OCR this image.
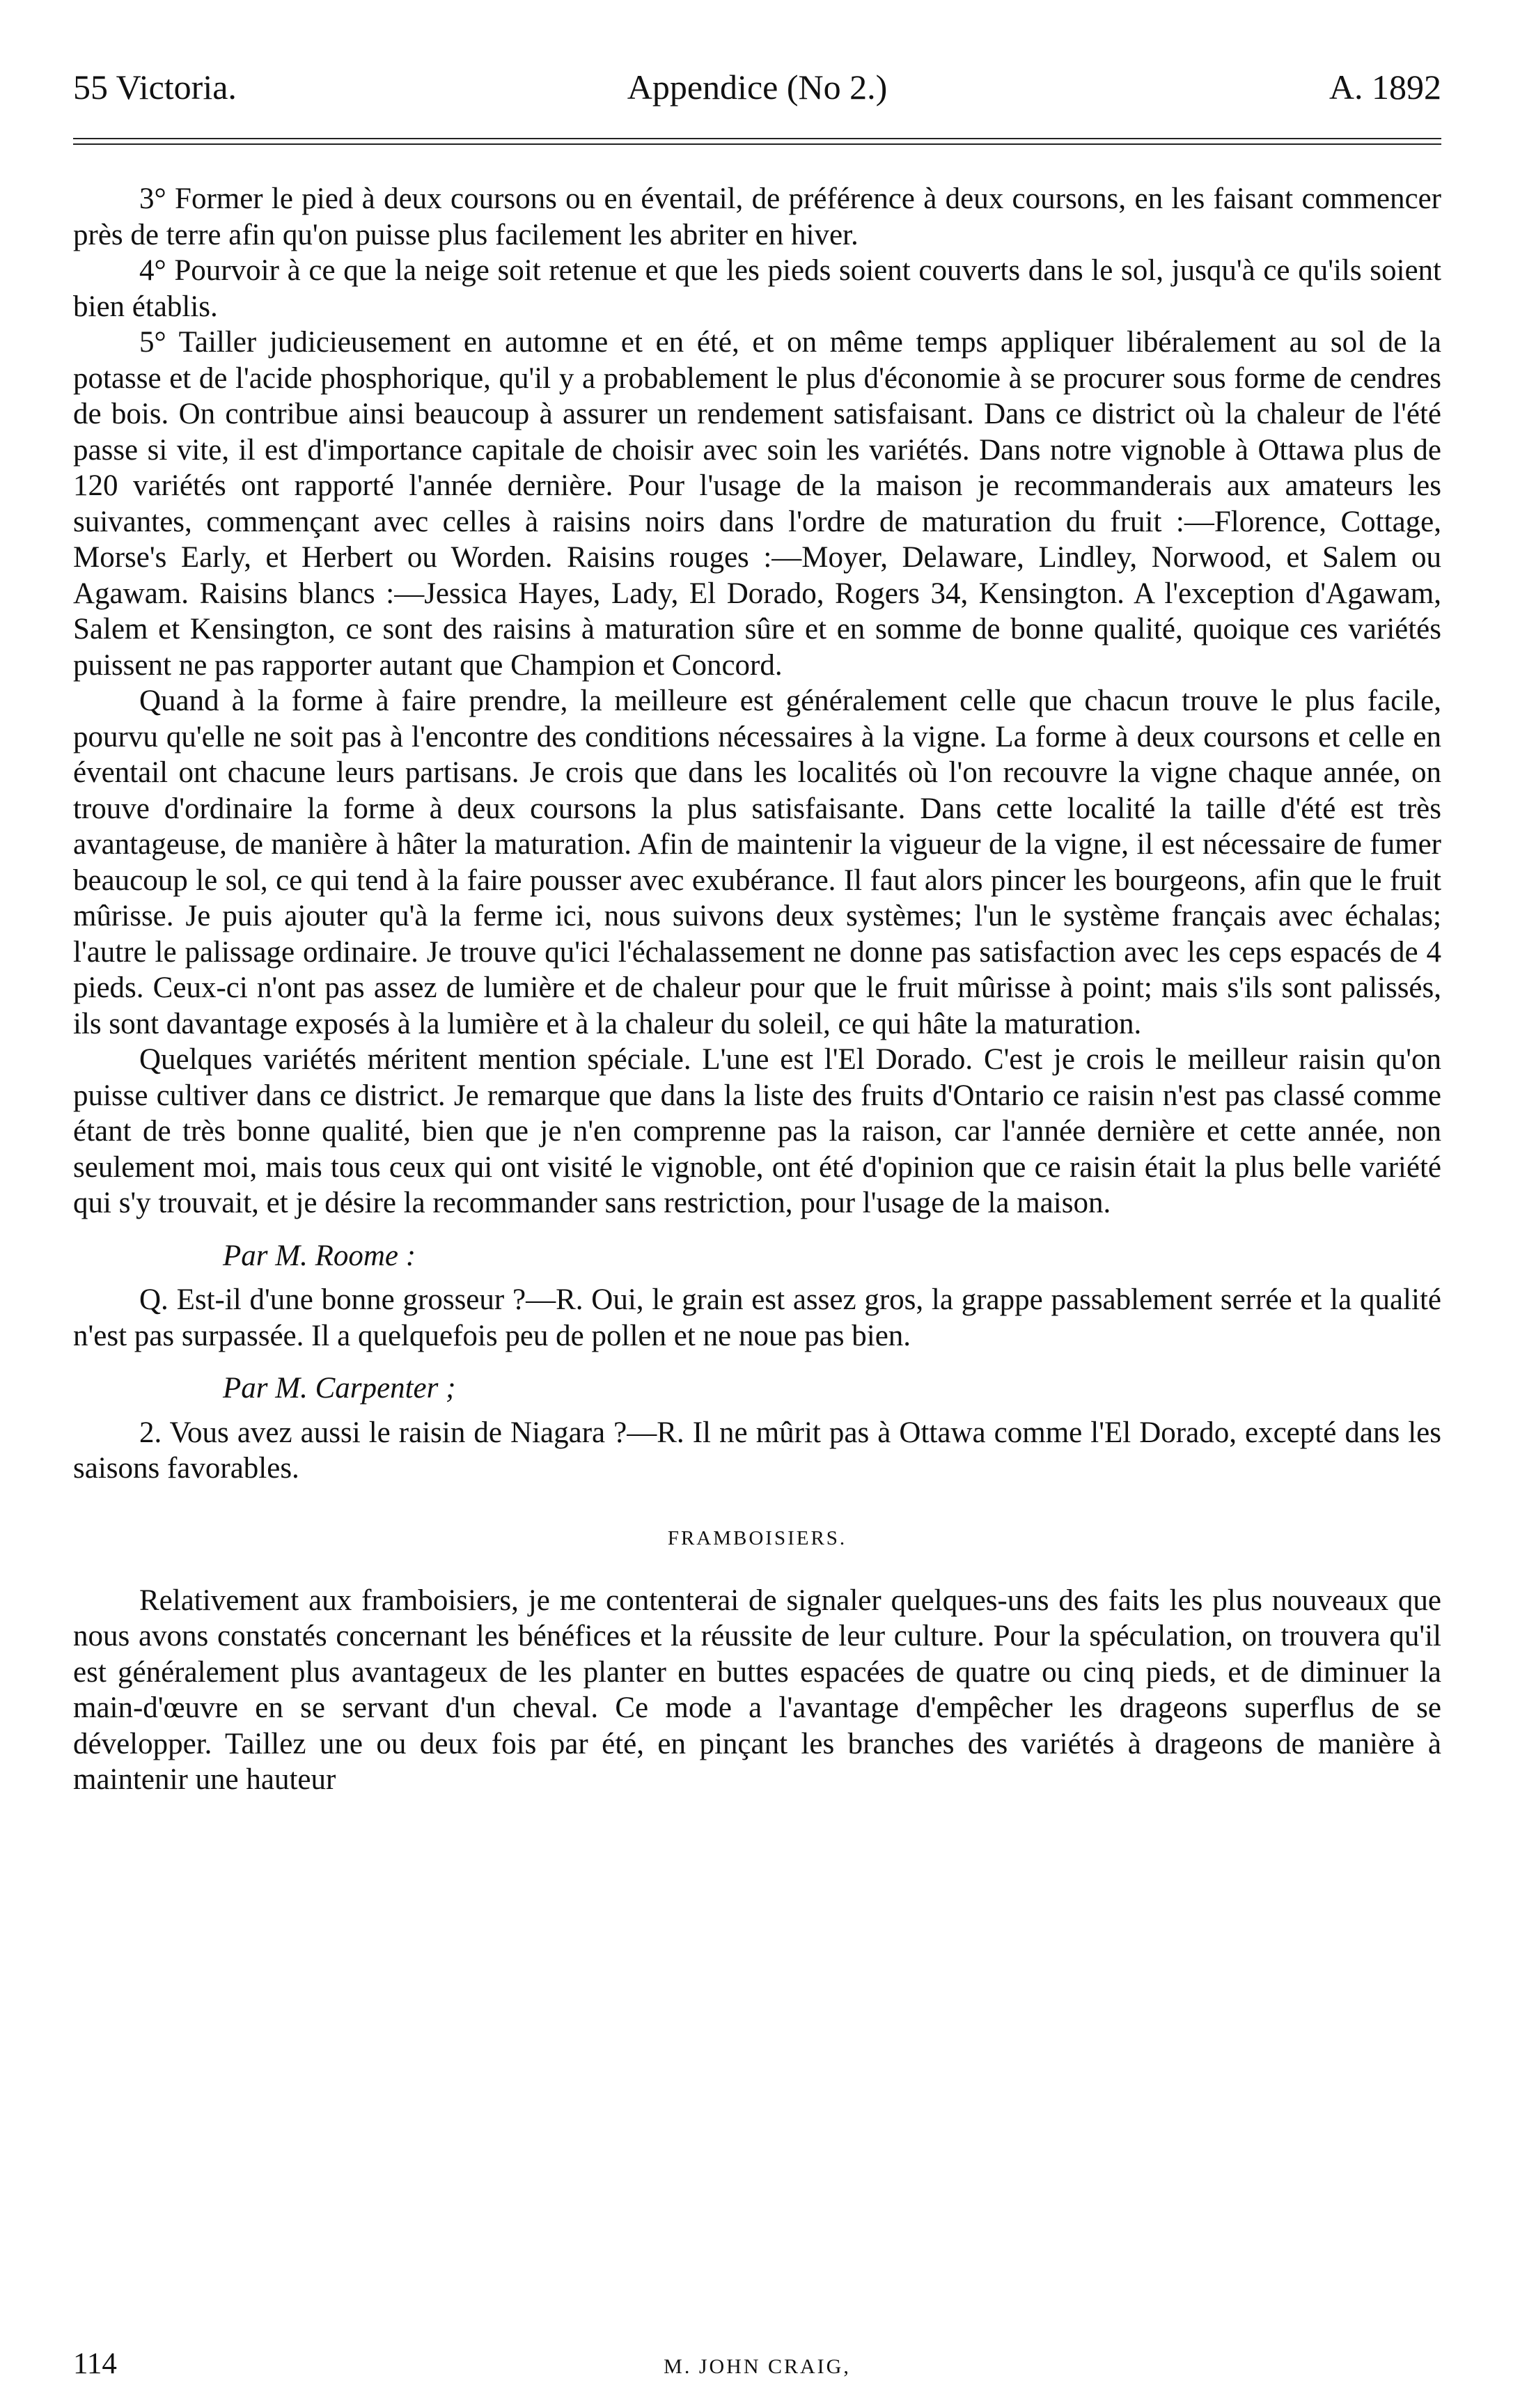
55 Victoria.	Appendice (No 2.)	A. 1892

3° Former le pied à deux coursons ou en éventail, de préférence à deux coursons, en les faisant commencer près de terre afin qu'on puisse plus facilement les abriter en hiver.

4° Pourvoir à ce que la neige soit retenue et que les pieds soient couverts dans le sol, jusqu'à ce qu'ils soient bien établis.

5° Tailler judicieusement en automne et en été, et on même temps appliquer libéralement au sol de la potasse et de l'acide phosphorique, qu'il y a probablement le plus d'économie à se procurer sous forme de cendres de bois. On contribue ainsi beaucoup à assurer un rendement satisfaisant. Dans ce district où la chaleur de l'été passe si vite, il est d'importance capitale de choisir avec soin les variétés. Dans notre vignoble à Ottawa plus de 120 variétés ont rapporté l'année dernière. Pour l'usage de la maison je recommanderais aux amateurs les suivantes, commençant avec celles à raisins noirs dans l'ordre de maturation du fruit :—Florence, Cottage, Morse's Early, et Herbert ou Worden. Raisins rouges :—Moyer, Delaware, Lindley, Norwood, et Salem ou Agawam. Raisins blancs :—Jessica Hayes, Lady, El Dorado, Rogers 34, Kensington. A l'exception d'Agawam, Salem et Kensington, ce sont des raisins à maturation sûre et en somme de bonne qualité, quoique ces variétés puissent ne pas rapporter autant que Champion et Concord.

Quand à la forme à faire prendre, la meilleure est généralement celle que chacun trouve le plus facile, pourvu qu'elle ne soit pas à l'encontre des conditions nécessaires à la vigne. La forme à deux coursons et celle en éventail ont chacune leurs partisans. Je crois que dans les localités où l'on recouvre la vigne chaque année, on trouve d'ordinaire la forme à deux coursons la plus satisfaisante. Dans cette localité la taille d'été est très avantageuse, de manière à hâter la maturation. Afin de maintenir la vigueur de la vigne, il est nécessaire de fumer beaucoup le sol, ce qui tend à la faire pousser avec exubérance. Il faut alors pincer les bourgeons, afin que le fruit mûrisse. Je puis ajouter qu'à la ferme ici, nous suivons deux systèmes; l'un le système français avec échalas; l'autre le palissage ordinaire. Je trouve qu'ici l'échalassement ne donne pas satisfaction avec les ceps espacés de 4 pieds. Ceux-ci n'ont pas assez de lumière et de chaleur pour que le fruit mûrisse à point; mais s'ils sont palissés, ils sont davantage exposés à la lumière et à la chaleur du soleil, ce qui hâte la maturation.

Quelques variétés méritent mention spéciale. L'une est l'El Dorado. C'est je crois le meilleur raisin qu'on puisse cultiver dans ce district. Je remarque que dans la liste des fruits d'Ontario ce raisin n'est pas classé comme étant de très bonne qualité, bien que je n'en comprenne pas la raison, car l'année dernière et cette année, non seulement moi, mais tous ceux qui ont visité le vignoble, ont été d'opinion que ce raisin était la plus belle variété qui s'y trouvait, et je désire la recommander sans restriction, pour l'usage de la maison.

Par M. Roome :

Q. Est-il d'une bonne grosseur ?—R. Oui, le grain est assez gros, la grappe passablement serrée et la qualité n'est pas surpassée. Il a quelquefois peu de pollen et ne noue pas bien.

Par M. Carpenter ;

2. Vous avez aussi le raisin de Niagara ?—R. Il ne mûrit pas à Ottawa comme l'El Dorado, excepté dans les saisons favorables.

FRAMBOISIERS.

Relativement aux framboisiers, je me contenterai de signaler quelques-uns des faits les plus nouveaux que nous avons constatés concernant les bénéfices et la réussite de leur culture. Pour la spéculation, on trouvera qu'il est généralement plus avantageux de les planter en buttes espacées de quatre ou cinq pieds, et de diminuer la main-d'œuvre en se servant d'un cheval. Ce mode a l'avantage d'empêcher les drageons superflus de se développer. Taillez une ou deux fois par été, en pinçant les branches des variétés à drageons de manière à maintenir une hauteur

114	M. JOHN CRAIG,
